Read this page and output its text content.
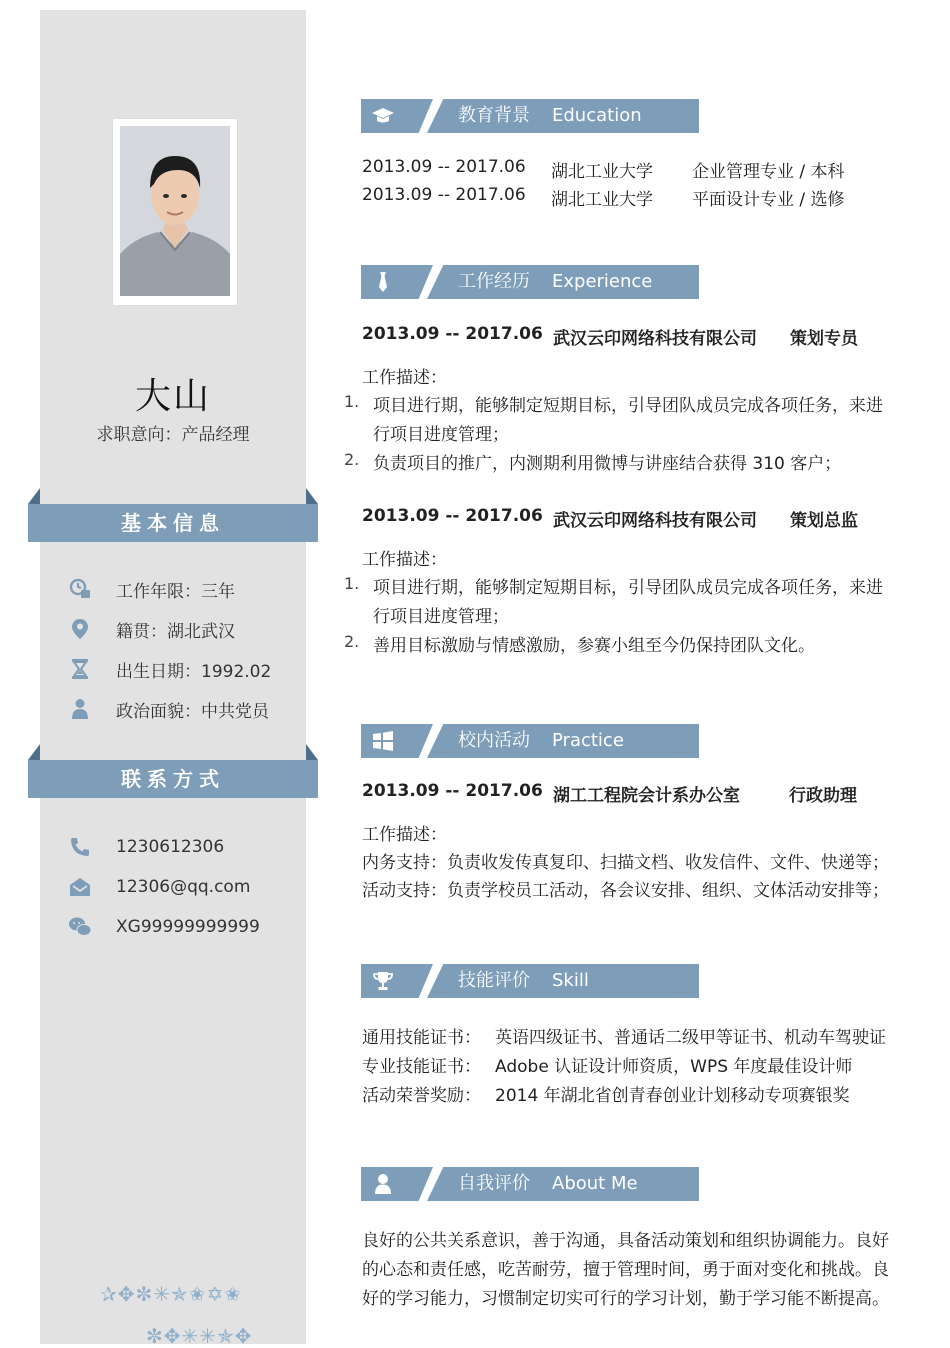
大山
求职意向：产品经理
基本信息
工作年限：三年
籍贯：湖北武汉
出生日期：1992.02
政治面貌：中共党员
联系方式
1230612306
12306@qq.com
XG99999999999
✰✥✼✳✯✬✡✬
✼✥✳✳✯✥
教育背景 Education
2013.09 -- 2017.06 湖北工业大学 企业管理专业 / 本科
2013.09 -- 2017.06 湖北工业大学 平面设计专业 / 选修
工作经历 Experience
2013.09 -- 2017.06 武汉云印网络科技有限公司 策划专员
工作描述：
1. 项目进行期，能够制定短期目标，引导团队成员完成各项任务，来进
行项目进度管理；
2. 负责项目的推广，内测期利用微博与讲座结合获得 310 客户；
2013.09 -- 2017.06 武汉云印网络科技有限公司 策划总监
工作描述：
1. 项目进行期，能够制定短期目标，引导团队成员完成各项任务，来进
行项目进度管理；
2. 善用目标激励与情感激励，参赛小组至今仍保持团队文化。
校内活动 Practice
2013.09 -- 2017.06 湖工工程院会计系办公室	行政助理
工作描述：
内务支持：负责收发传真复印、扫描文档、收发信件、文件、快递等；
活动支持：负责学校员工活动，各会议安排、组织、文体活动安排等；
技能评价 Skill
通用技能证书： 英语四级证书、普通话二级甲等证书、机动车驾驶证
专业技能证书： Adobe 认证设计师资质，WPS 年度最佳设计师
活动荣誉奖励： 2014 年湖北省创青春创业计划移动专项赛银奖
自我评价 About Me
良好的公共关系意识，善于沟通，具备活动策划和组织协调能力。良好
的心态和责任感，吃苦耐劳，擅于管理时间，勇于面对变化和挑战。良
好的学习能力，习惯制定切实可行的学习计划，勤于学习能不断提高。
